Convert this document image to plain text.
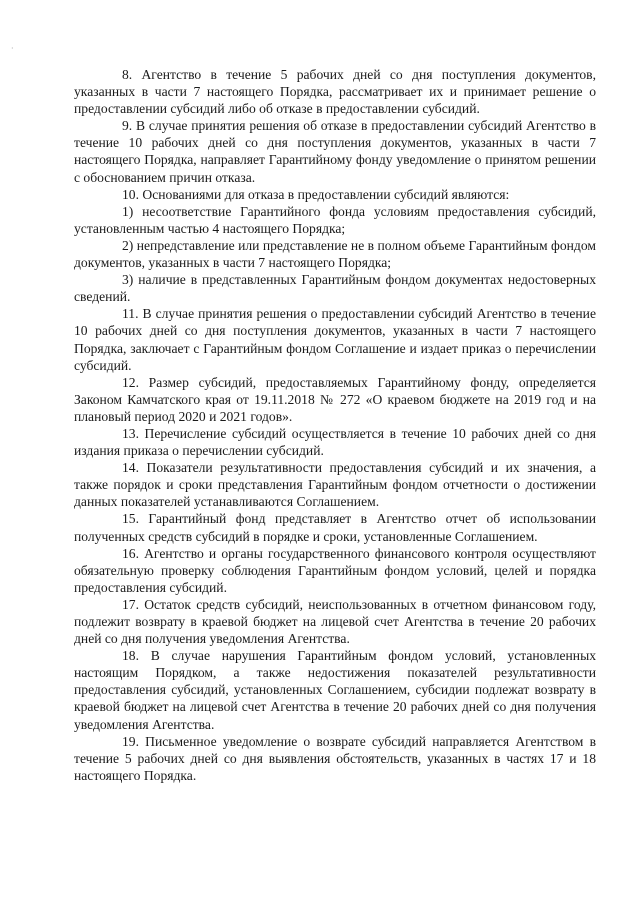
·

8. Агентство в течение 5 рабочих дней со дня поступления документов, указанных в части 7 настоящего Порядка, рассматривает их и принимает решение о предоставлении субсидий либо об отказе в предоставлении субсидий.

9. В случае принятия решения об отказе в предоставлении субсидий Агентство в течение 10 рабочих дней со дня поступления документов, указанных в части 7 настоящего Порядка, направляет Гарантийному фонду уведомление о принятом решении с обоснованием причин отказа.

10. Основаниями для отказа в предоставлении субсидий являются:

1) несоответствие Гарантийного фонда условиям предоставления субсидий, установленным частью 4 настоящего Порядка;

2) непредставление или представление не в полном объеме Гарантийным фондом документов, указанных в части 7 настоящего Порядка;

3) наличие в представленных Гарантийным фондом документах недостоверных сведений.

11. В случае принятия решения о предоставлении субсидий Агентство в течение 10 рабочих дней со дня поступления документов, указанных в части 7 настоящего Порядка, заключает с Гарантийным фондом Соглашение и издает приказ о перечислении субсидий.

12. Размер субсидий, предоставляемых Гарантийному фонду, определяется Законом Камчатского края от 19.11.2018 № 272 «О краевом бюджете на 2019 год и на плановый период 2020 и 2021 годов».

13. Перечисление субсидий осуществляется в течение 10 рабочих дней со дня издания приказа о перечислении субсидий.

14. Показатели результативности предоставления субсидий и их значения, а также порядок и сроки представления Гарантийным фондом отчетности о достижении данных показателей устанавливаются Соглашением.

15. Гарантийный фонд представляет в Агентство отчет об использовании полученных средств субсидий в порядке и сроки, установленные Соглашением.

16. Агентство и органы государственного финансового контроля осуществляют обязательную проверку соблюдения Гарантийным фондом условий, целей и порядка предоставления субсидий.

17. Остаток средств субсидий, неиспользованных в отчетном финансовом году, подлежит возврату в краевой бюджет на лицевой счет Агентства в течение 20 рабочих дней со дня получения уведомления Агентства.

18. В случае нарушения Гарантийным фондом условий, установленных настоящим Порядком, а также недостижения показателей результативности предоставления субсидий, установленных Соглашением, субсидии подлежат возврату в краевой бюджет на лицевой счет Агентства в течение 20 рабочих дней со дня получения уведомления Агентства.

19. Письменное уведомление о возврате субсидий направляется Агентством в течение 5 рабочих дней со дня выявления обстоятельств, указанных в частях 17 и 18 настоящего Порядка.
